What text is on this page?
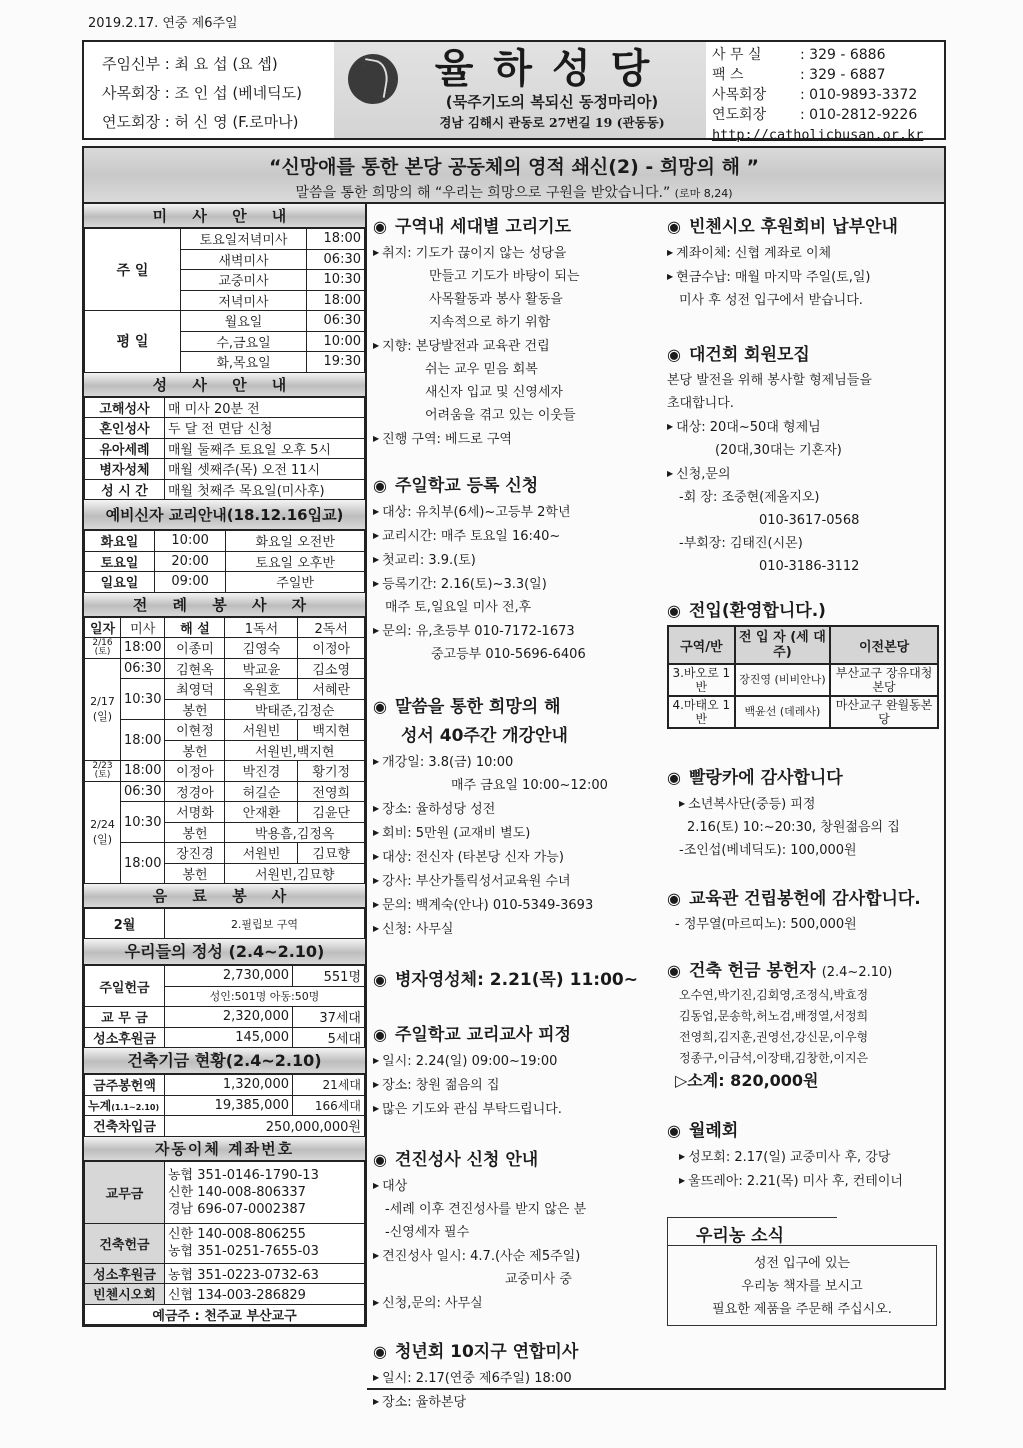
2019.2.17. 연중 제6주일
주임신부 : 최 요 섭 (요 셉)
사목회장 : 조 인 섭 (베네딕도)
연도회장 : 허 신 영 (F.로마나)
율하성당
(묵주기도의 복되신 동정마리아)
경남 김해시 관동로 27번길 19 (관동동)
사 무 실	: 329 - 6886
팩 스	: 329 - 6887
사목회장	: 010-9893-3372
연도회장	: 010-2812-9226
http://catholicbusan.or.kr
“신망애를 통한 본당 공동체의 영적 쇄신(2) - 희망의 해 ”
말씀을 통한 희망의 해 “우리는 희망으로 구원을 받았습니다.” (로마 8,24)
미 사 안 내
주 일	토요일저녁미사	18:00
	새벽미사	06:30
	교중미사	10:30
	저녁미사	18:00
평 일	월요일	06:30
	수,금요일	10:00
	화,목요일	19:30
성 사 안 내
고해성사	매 미사 20분 전
혼인성사	두 달 전 면담 신청
유아세례	매월 둘째주 토요일 오후 5시
병자성체	매월 셋째주(목) 오전 11시
성 시 간	매월 첫째주 목요일(미사후)
예비신자 교리안내(18.12.16입교)
화요일	10:00	화요일 오전반
토요일	20:00	토요일 오후반
일요일	09:00	주일반
전 례 봉 사 자
일자	미사	해 설	1독서	2독서
2/16 (토)	18:00	이종미	김영숙	이정아
2/17 (일)	06:30	김현옥	박교윤	김소영
	10:30	최영덕	옥원호	서혜란
		봉헌	박태준,김정순	
	18:00	이현정	서원빈	백지현
		봉헌	서원빈,백지현	
2/23 (토)	18:00	이정아	박진경	황기정
2/24 (일)	06:30	정경아	허길순	전영희
	10:30	서명화	안재환	김윤단
		봉헌	박용흠,김정옥	
	18:00	장진경	서원빈	김묘향
		봉헌	서원빈,김묘향	
음 료 봉 사
2월	2.필립보 구역
우리들의 정성 (2.4~2.10)
주일헌금	2,730,000	551명
	성인:501명 아동:50명	
교 무 금	2,320,000	37세대
성소후원금	145,000	5세대
건축기금 현황(2.4~2.10)
금주봉헌액	1,320,000	21세대
누계(1.1~2.10)	19,385,000	166세대
건축차입금	250,000,000원	
자동이체 계좌번호
교무금	농협 351-0146-1790-13
신한 140-008-806337
경남 696-07-0002387

건축헌금	신한 140-008-806255
농협 351-0251-7655-03

성소후원금	농협 351-0223-0732-63
빈첸시오회	신협 134-003-286829
예금주 : 천주교 부산교구	
◉ 구역내 세대별 고리기도
▶ 취지: 기도가 끊이지 않는 성당을
만들고 기도가 바탕이 되는
사목활동과 봉사 활동을
지속적으로 하기 위함
▶ 지향: 본당발전과 교육관 건립
쉬는 교우 믿음 회복
새신자 입교 및 신영세자
어려움을 겪고 있는 이웃들
▶ 진행 구역: 베드로 구역
◉ 주일학교 등록 신청
▶ 대상: 유치부(6세)~고등부 2학년
▶ 교리시간: 매주 토요일 16:40~
▶ 첫교리: 3.9.(토)
▶ 등록기간: 2.16(토)~3.3(일)
매주 토,일요일 미사 전,후
▶ 문의: 유,초등부 010-7172-1673
중고등부 010-5696-6406
◉ 말씀을 통한 희망의 해
성서 40주간 개강안내
▶ 개강일: 3.8(금) 10:00
매주 금요일 10:00~12:00
▶ 장소: 율하성당 성전
▶ 회비: 5만원 (교재비 별도)
▶ 대상: 전신자 (타본당 신자 가능)
▶ 강사: 부산가톨릭성서교육원 수녀
▶ 문의: 백계숙(안나) 010-5349-3693
▶ 신청: 사무실
◉ 병자영성체: 2.21(목) 11:00~
◉ 주일학교 교리교사 피정
▶ 일시: 2.24(일) 09:00~19:00
▶ 장소: 창원 젊음의 집
▶ 많은 기도와 관심 부탁드립니다.
◉ 견진성사 신청 안내
▶ 대상
-세례 이후 견진성사를 받지 않은 분
-신영세자 필수
▶ 견진성사 일시: 4.7.(사순 제5주일)
교중미사 중
▶ 신청,문의: 사무실
◉ 청년회 10지구 연합미사
▶ 일시: 2.17(연중 제6주일) 18:00
▶ 장소: 율하본당
◉ 빈첸시오 후원회비 납부안내
▶ 계좌이체: 신협 계좌로 이체
▶ 현금수납: 매월 마지막 주일(토,일)
미사 후 성전 입구에서 받습니다.
◉ 대건회 회원모집
본당 발전을 위해 봉사할 형제님들을
초대합니다.
▶ 대상: 20대~50대 형제님
(20대,30대는 기혼자)
▶ 신청,문의
-회 장: 조중현(제올지오)
010-3617-0568
-부회장: 김태진(시몬)
010-3186-3112
◉ 전입(환영합니다.)
구역/반	전 입 자 (세 대 주)	이전본당
3.바오로 1반	장진영 (비비안나)	부산교구 장유대청본당
4.마태오 1반	백윤선 (데레사)	마산교구 완월동본당
◉ 빨랑카에 감사합니다
▶ 소년복사단(중등) 피정
2.16(토) 10:~20:30, 창원젊음의 집
-조인섭(베네딕도): 100,000원
◉ 교육관 건립봉헌에 감사합니다.
- 정무열(마르띠노): 500,000원
◉ 건축 헌금 봉헌자 (2.4~2.10)
오수연,박기진,김회영,조정식,박효정
김동업,문송학,허노검,배정열,서정희
전영희,김지훈,권영선,강신문,이우형
정종구,이금석,이장태,김창한,이지은
▷소계: 820,000원
◉ 월례회
▶ 성모회: 2.17(일) 교중미사 후, 강당
▶ 울뜨레아: 2.21(목) 미사 후, 컨테이너
우리농 소식
성전 입구에 있는
우리농 책자를 보시고
필요한 제품을 주문해 주십시오.
